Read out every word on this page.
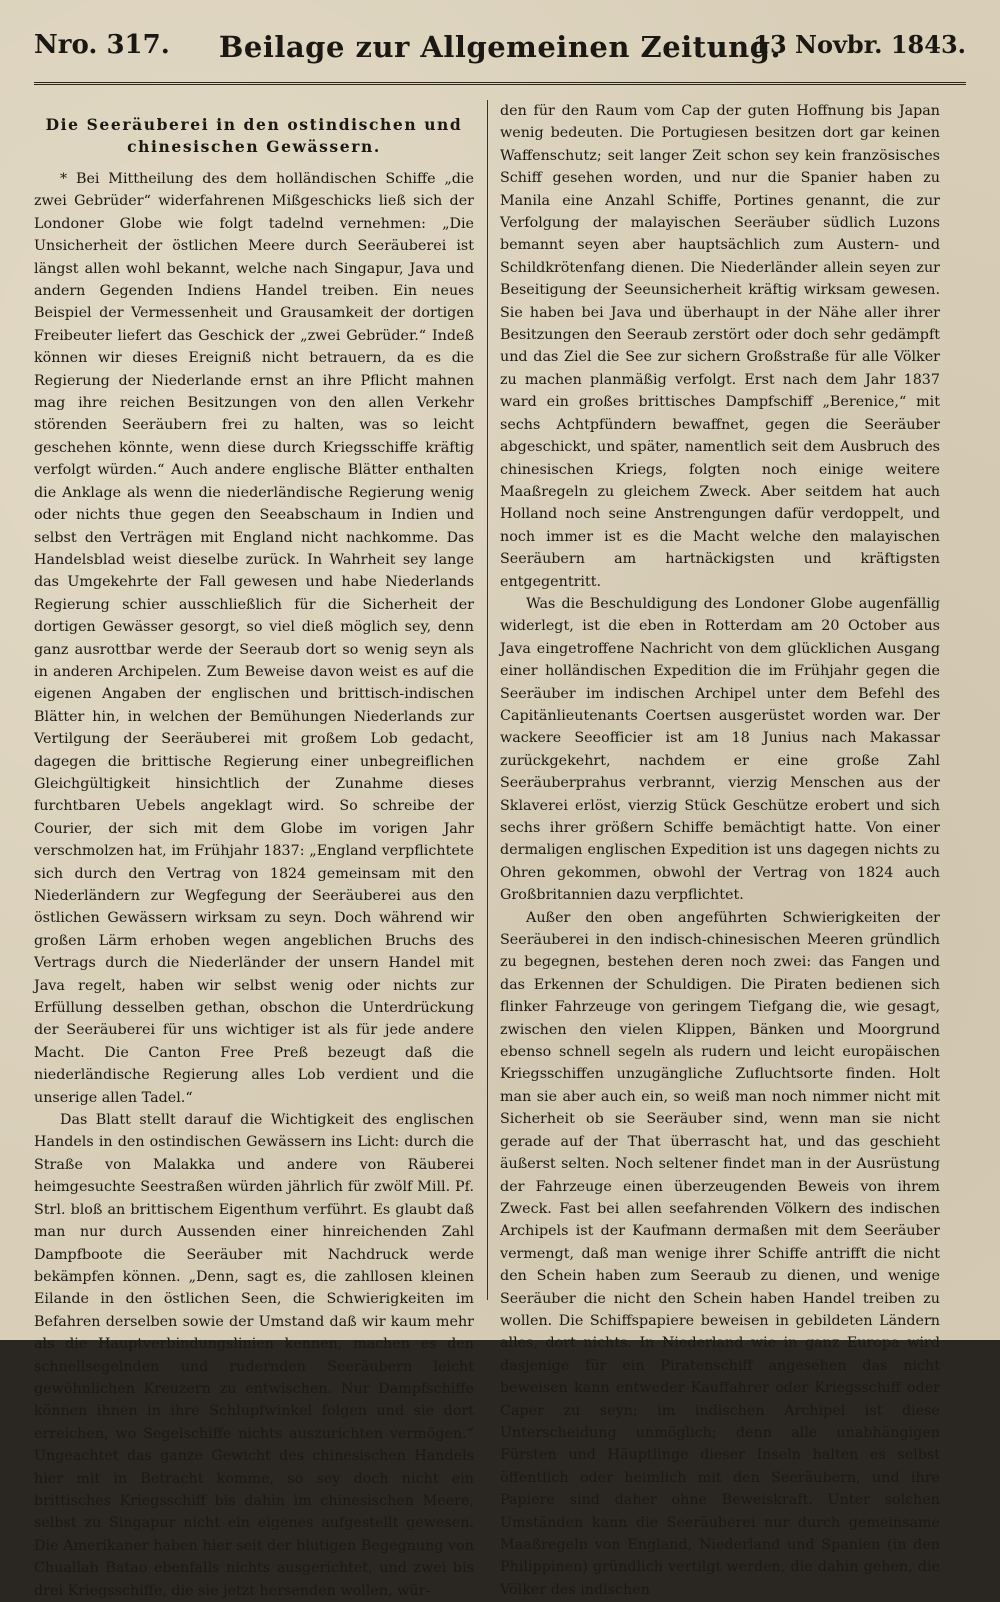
Nro. 317.	Beilage zur Allgemeinen Zeitung.
13 Novbr. 1843.
Die Seeräuberei in den ostindischen und chinesischen Gewässern.

* Bei Mittheilung des dem holländischen Schiffe „die zwei Gebrüder“ widerfahrenen Mißgeschicks ließ sich der Londoner Globe wie folgt tadelnd vernehmen: „Die Unsicherheit der östlichen Meere durch Seeräuberei ist längst allen wohl bekannt, welche nach Singapur, Java und andern Gegenden Indiens Handel treiben. Ein neues Beispiel der Vermessenheit und Grausamkeit der dortigen Freibeuter liefert das Geschick der „zwei Gebrüder.“ Indeß können wir dieses Ereigniß nicht betrauern, da es die Regierung der Niederlande ernst an ihre Pflicht mahnen mag ihre reichen Besitzungen von den allen Verkehr störenden Seeräubern frei zu halten, was so leicht geschehen könnte, wenn diese durch Kriegsschiffe kräftig verfolgt würden.“ Auch andere englische Blätter enthalten die Anklage als wenn die niederländische Regierung wenig oder nichts thue gegen den Seeabschaum in Indien und selbst den Verträgen mit England nicht nachkomme. Das Handelsblad weist dieselbe zurück. In Wahrheit sey lange das Umgekehrte der Fall gewesen und habe Niederlands Regierung schier ausschließlich für die Sicherheit der dortigen Gewässer gesorgt, so viel dieß möglich sey, denn ganz ausrottbar werde der Seeraub dort so wenig seyn als in anderen Archipelen. Zum Beweise davon weist es auf die eigenen Angaben der englischen und brittisch-indischen Blätter hin, in welchen der Bemühungen Niederlands zur Vertilgung der Seeräuberei mit großem Lob gedacht, dagegen die brittische Regierung einer unbegreiflichen Gleichgültigkeit hinsichtlich der Zunahme dieses furchtbaren Uebels angeklagt wird. So schreibe der Courier, der sich mit dem Globe im vorigen Jahr verschmolzen hat, im Frühjahr 1837: „England verpflichtete sich durch den Vertrag von 1824 gemeinsam mit den Niederländern zur Wegfegung der Seeräuberei aus den östlichen Gewässern wirksam zu seyn. Doch während wir großen Lärm erhoben wegen angeblichen Bruchs des Vertrags durch die Niederländer der unsern Handel mit Java regelt, haben wir selbst wenig oder nichts zur Erfüllung desselben gethan, obschon die Unterdrückung der Seeräuberei für uns wichtiger ist als für jede andere Macht. Die Canton Free Preß bezeugt daß die niederländische Regierung alles Lob verdient und die unserige allen Tadel.“

Das Blatt stellt darauf die Wichtigkeit des englischen Handels in den ostindischen Gewässern ins Licht: durch die Straße von Malakka und andere von Räuberei heimgesuchte Seestraßen würden jährlich für zwölf Mill. Pf. Strl. bloß an brittischem Eigenthum verführt. Es glaubt daß man nur durch Aussenden einer hinreichenden Zahl Dampfboote die Seeräuber mit Nachdruck werde bekämpfen können. „Denn, sagt es, die zahllosen kleinen Eilande in den östlichen Seen, die Schwierigkeiten im Befahren derselben sowie der Umstand daß wir kaum mehr als die Hauptverbindungslinien kennen, machen es den schnellsegelnden und rudernden Seeräubern leicht gewöhnlichen Kreuzern zu entwischen. Nur Dampfschiffe können ihnen in ihre Schlupfwinkel folgen und sie dort erreichen, wo Segelschiffe nichts auszurichten vermögen.“ Ungeachtet das ganze Gewicht des chinesischen Handels hier mit in Betracht komme, so sey doch nicht ein brittisches Kriegsschiff bis dahin im chinesischen Meere, selbst zu Singapur nicht ein eigenes aufgestellt gewesen. Die Amerikaner haben hier seit der blutigen Begegnung von Chuallah Batao ebenfalls nichts ausgerichtet, und zwei bis drei Kriegsschiffe, die sie jetzt hersenden wollen, wür-

den für den Raum vom Cap der guten Hoffnung bis Japan wenig bedeuten. Die Portugiesen besitzen dort gar keinen Waffenschutz; seit langer Zeit schon sey kein französisches Schiff gesehen worden, und nur die Spanier haben zu Manila eine Anzahl Schiffe, Portines genannt, die zur Verfolgung der malayischen Seeräuber südlich Luzons bemannt seyen aber hauptsächlich zum Austern- und Schildkrötenfang dienen. Die Niederländer allein seyen zur Beseitigung der Seeunsicherheit kräftig wirksam gewesen. Sie haben bei Java und überhaupt in der Nähe aller ihrer Besitzungen den Seeraub zerstört oder doch sehr gedämpft und das Ziel die See zur sichern Großstraße für alle Völker zu machen planmäßig verfolgt. Erst nach dem Jahr 1837 ward ein großes brittisches Dampfschiff „Berenice,“ mit sechs Achtpfündern bewaffnet, gegen die Seeräuber abgeschickt, und später, namentlich seit dem Ausbruch des chinesischen Kriegs, folgten noch einige weitere Maaßregeln zu gleichem Zweck. Aber seitdem hat auch Holland noch seine Anstrengungen dafür verdoppelt, und noch immer ist es die Macht welche den malayischen Seeräubern am hartnäckigsten und kräftigsten entgegentritt.

Was die Beschuldigung des Londoner Globe augenfällig widerlegt, ist die eben in Rotterdam am 20 October aus Java eingetroffene Nachricht von dem glücklichen Ausgang einer holländischen Expedition die im Frühjahr gegen die Seeräuber im indischen Archipel unter dem Befehl des Capitänlieutenants Coertsen ausgerüstet worden war. Der wackere Seeofficier ist am 18 Junius nach Makassar zurückgekehrt, nachdem er eine große Zahl Seeräuberprahus verbrannt, vierzig Menschen aus der Sklaverei erlöst, vierzig Stück Geschütze erobert und sich sechs ihrer größern Schiffe bemächtigt hatte. Von einer dermaligen englischen Expedition ist uns dagegen nichts zu Ohren gekommen, obwohl der Vertrag von 1824 auch Großbritannien dazu verpflichtet.

Außer den oben angeführten Schwierigkeiten der Seeräuberei in den indisch-chinesischen Meeren gründlich zu begegnen, bestehen deren noch zwei: das Fangen und das Erkennen der Schuldigen. Die Piraten bedienen sich flinker Fahrzeuge von geringem Tiefgang die, wie gesagt, zwischen den vielen Klippen, Bänken und Moorgrund ebenso schnell segeln als rudern und leicht europäischen Kriegsschiffen unzugängliche Zufluchtsorte finden. Holt man sie aber auch ein, so weiß man noch nimmer nicht mit Sicherheit ob sie Seeräuber sind, wenn man sie nicht gerade auf der That überrascht hat, und das geschieht äußerst selten. Noch seltener findet man in der Ausrüstung der Fahrzeuge einen überzeugenden Beweis von ihrem Zweck. Fast bei allen seefahrenden Völkern des indischen Archipels ist der Kaufmann dermaßen mit dem Seeräuber vermengt, daß man wenige ihrer Schiffe antrifft die nicht den Schein haben zum Seeraub zu dienen, und wenige Seeräuber die nicht den Schein haben Handel treiben zu wollen. Die Schiffspapiere beweisen in gebildeten Ländern alles, dort nichts. In Niederland wie in ganz Europa wird dasjenige für ein Piratenschiff angesehen das nicht beweisen kann entweder Kauffahrer oder Kriegsschiff oder Caper zu seyn; im indischen Archipel ist diese Unterscheidung unmöglich; denn alle unabhängigen Fürsten und Häuptlinge dieser Inseln halten es selbst öffentlich oder heimlich mit den Seeräubern, und ihre Papiere sind daher ohne Beweiskraft. Unter solchen Umständen kann die Seeräuberei nur durch gemeinsame Maaßregeln von England, Niederland und Spanien (in den Philippinen) gründlich vertilgt werden, die dahin gehen, die Völker des indischen
